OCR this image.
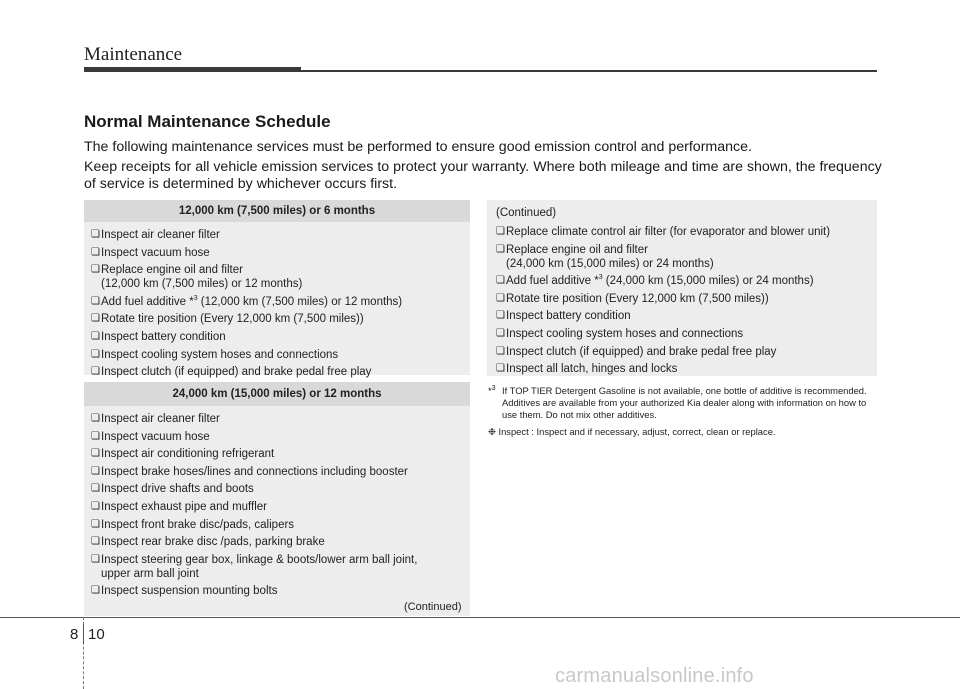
Maintenance
Normal Maintenance Schedule

The following maintenance services must be performed to ensure good emission control and performance.

Keep receipts for all vehicle emission services to protect your warranty. Where both mileage and time are shown, the frequency of service is determined by whichever occurs first.

12,000 km (7,500 miles) or 6 months
❏ Inspect air cleaner filter
❏ Inspect vacuum hose
❏ Replace engine oil and filter
(12,000 km (7,500 miles) or 12 months)
❏ Add fuel additive *$^3$ (12,000 km (7,500 miles) or 12 months)
❏ Rotate tire position (Every 12,000 km (7,500 miles))
❏ Inspect battery condition
❏ Inspect cooling system hoses and connections
❏ Inspect clutch (if equipped) and brake pedal free play
24,000 km (15,000 miles) or 12 months
❏ Inspect air cleaner filter
❏ Inspect vacuum hose
❏ Inspect air conditioning refrigerant
❏ Inspect brake hoses/lines and connections including booster
❏ Inspect drive shafts and boots
❏ Inspect exhaust pipe and muffler
❏ Inspect front brake disc/pads, calipers
❏ Inspect rear brake disc /pads, parking brake
❏ Inspect steering gear box, linkage & boots/lower arm ball joint,
upper arm ball joint
❏ Inspect suspension mounting bolts
(Continued)
(Continued)
❏ Replace climate control air filter (for evaporator and blower unit)
❏ Replace engine oil and filter
(24,000 km (15,000 miles) or 24 months)
❏ Add fuel additive *$^3$ (24,000 km (15,000 miles) or 24 months)
❏ Rotate tire position (Every 12,000 km (7,500 miles))
❏ Inspect battery condition
❏ Inspect cooling system hoses and connections
❏ Inspect clutch (if equipped) and brake pedal free play
❏ Inspect all latch, hinges and locks
*$^3$ If TOP TIER Detergent Gasoline is not available, one bottle of additive is recommended. Additives are available from your authorized Kia dealer along with information on how to use them. Do not mix other additives.
❉ Inspect : Inspect and if necessary, adjust, correct, clean or replace.
8 10
carmanualsonline.info
